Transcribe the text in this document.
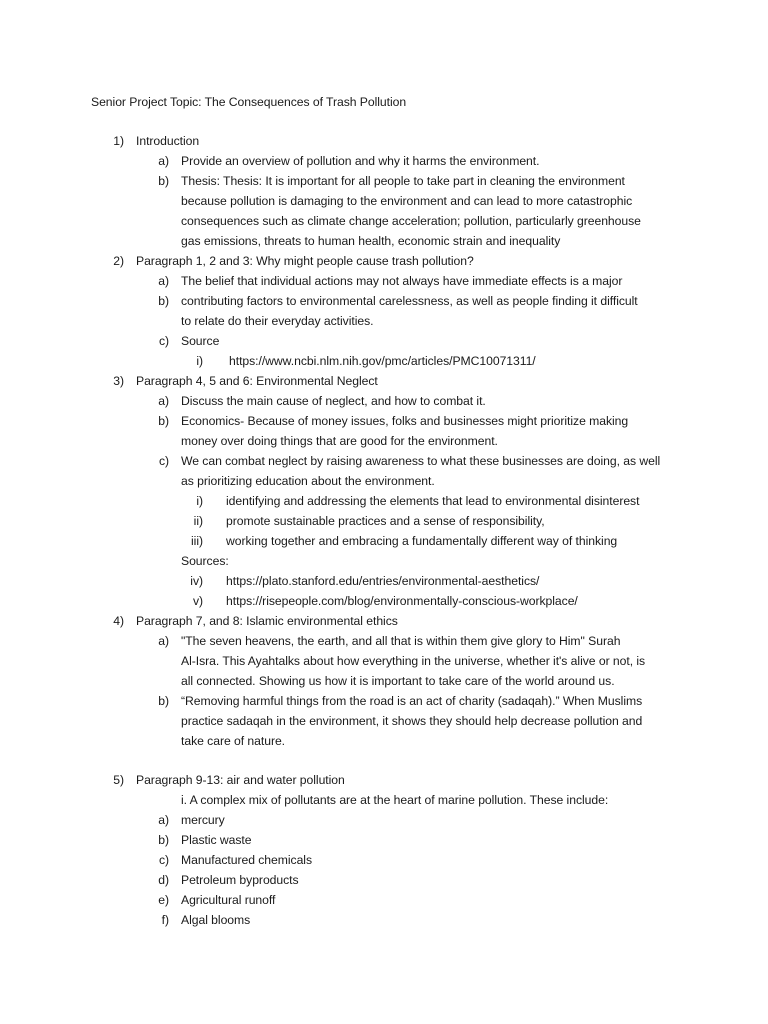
Senior Project Topic: The Consequences of Trash Pollution
1) Introduction
a) Provide an overview of pollution and why it harms the environment.
b) Thesis: Thesis: It is important for all people to take part in cleaning the environment
because pollution is damaging to the environment and can lead to more catastrophic
consequences such as climate change acceleration; pollution, particularly greenhouse
gas emissions, threats to human health, economic strain and inequality
2) Paragraph 1, 2 and 3: Why might people cause trash pollution?
a) The belief that individual actions may not always have immediate effects is a major
b) contributing factors to environmental carelessness, as well as people finding it difficult
to relate do their everyday activities.
c) Source
i) https://www.ncbi.nlm.nih.gov/pmc/articles/PMC10071311/
3) Paragraph 4, 5 and 6: Environmental Neglect
a) Discuss the main cause of neglect, and how to combat it.
b) Economics- Because of money issues, folks and businesses might prioritize making
money over doing things that are good for the environment.
c) We can combat neglect by raising awareness to what these businesses are doing, as well
as prioritizing education about the environment.
i) identifying and addressing the elements that lead to environmental disinterest
ii) promote sustainable practices and a sense of responsibility,
iii) working together and embracing a fundamentally different way of thinking
Sources:
iv) https://plato.stanford.edu/entries/environmental-aesthetics/
v) https://risepeople.com/blog/environmentally-conscious-workplace/
4) Paragraph 7, and 8: Islamic environmental ethics
a) "The seven heavens, the earth, and all that is within them give glory to Him" Surah
Al-Isra. This Ayahtalks about how everything in the universe, whether it's alive or not, is
all connected. Showing us how it is important to take care of the world around us.
b) “Removing harmful things from the road is an act of charity (sadaqah).” When Muslims
practice sadaqah in the environment, it shows they should help decrease pollution and
take care of nature.
5) Paragraph 9-13: air and water pollution
i. A complex mix of pollutants are at the heart of marine pollution. These include:
a) mercury
b) Plastic waste
c) Manufactured chemicals
d) Petroleum byproducts
e) Agricultural runoff
f) Algal blooms
